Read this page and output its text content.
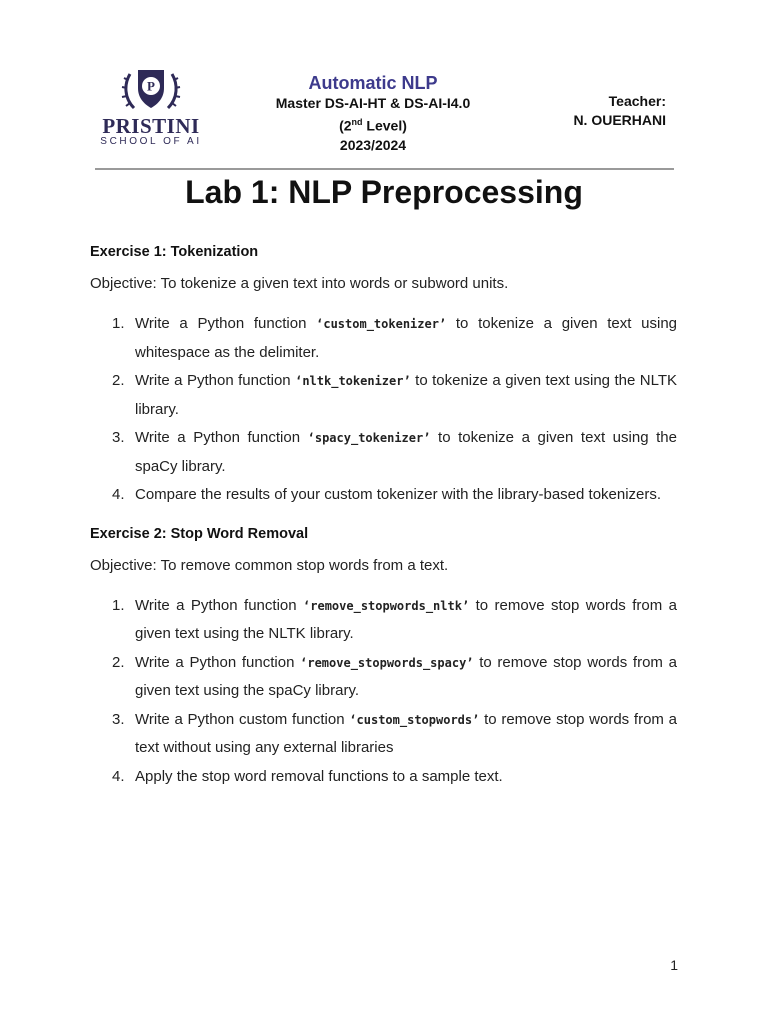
P
PRISTINI
SCHOOL OF AI
Automatic NLP
Master DS-AI-HT & DS-AI-I4.0
(2nd Level)
2023/2024
Teacher:
N. OUERHANI
Lab 1: NLP Preprocessing
Exercise 1: Tokenization
Objective: To tokenize a given text into words or subword units.
1. Write a Python function ‘custom_tokenizer’ to tokenize a given text using whitespace as the delimiter.
2. Write a Python function ‘nltk_tokenizer’ to tokenize a given text using the NLTK library.
3. Write a Python function ‘spacy_tokenizer’ to tokenize a given text using the spaCy library.
4. Compare the results of your custom tokenizer with the library-based tokenizers.
Exercise 2: Stop Word Removal
Objective: To remove common stop words from a text.
1. Write a Python function ‘remove_stopwords_nltk’ to remove stop words from a given text using the NLTK library.
2. Write a Python function ‘remove_stopwords_spacy’ to remove stop words from a given text using the spaCy library.
3. Write a Python custom function ‘custom_stopwords’ to remove stop words from a text without using any external libraries
4. Apply the stop word removal functions to a sample text.
1
